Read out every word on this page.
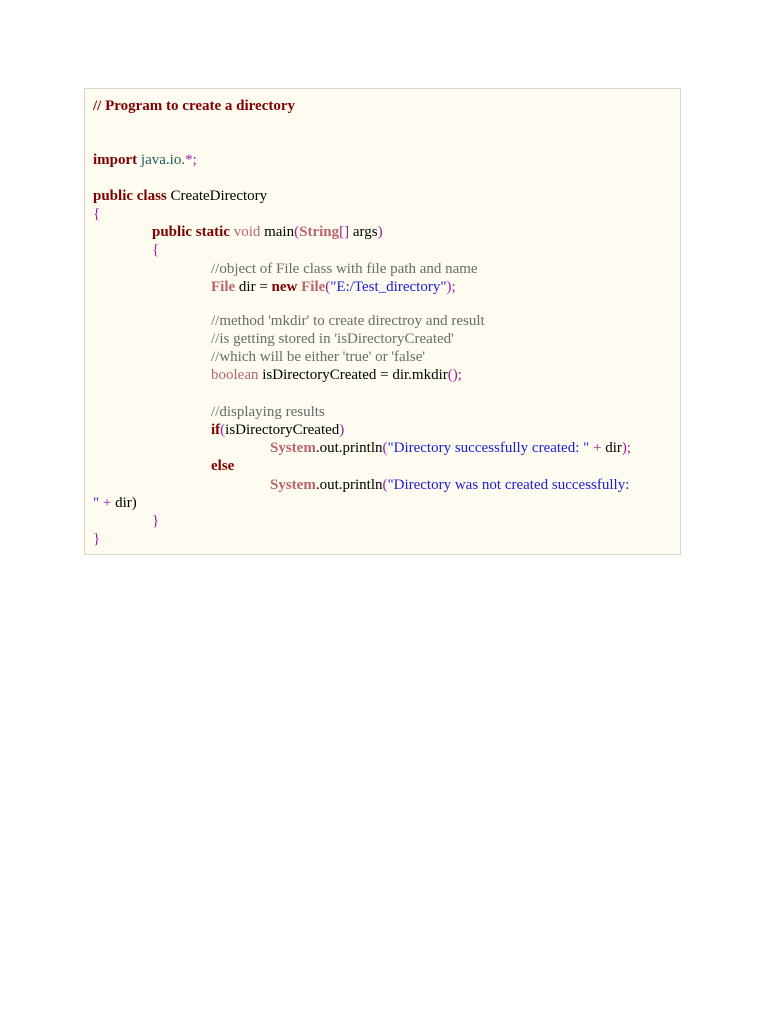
// Program to create a directory
import java.io.*;
public class CreateDirectory
{
public static void main(String[] args)
{
//object of File class with file path and name
File dir = new File("E:/Test_directory");
//method 'mkdir' to create directroy and result
//is getting stored in 'isDirectoryCreated'
//which will be either 'true' or 'false'
boolean isDirectoryCreated = dir.mkdir();
//displaying results
if(isDirectoryCreated)
System.out.println("Directory successfully created: " + dir);
else
System.out.println("Directory was not created successfully:
" + dir)
}
}
